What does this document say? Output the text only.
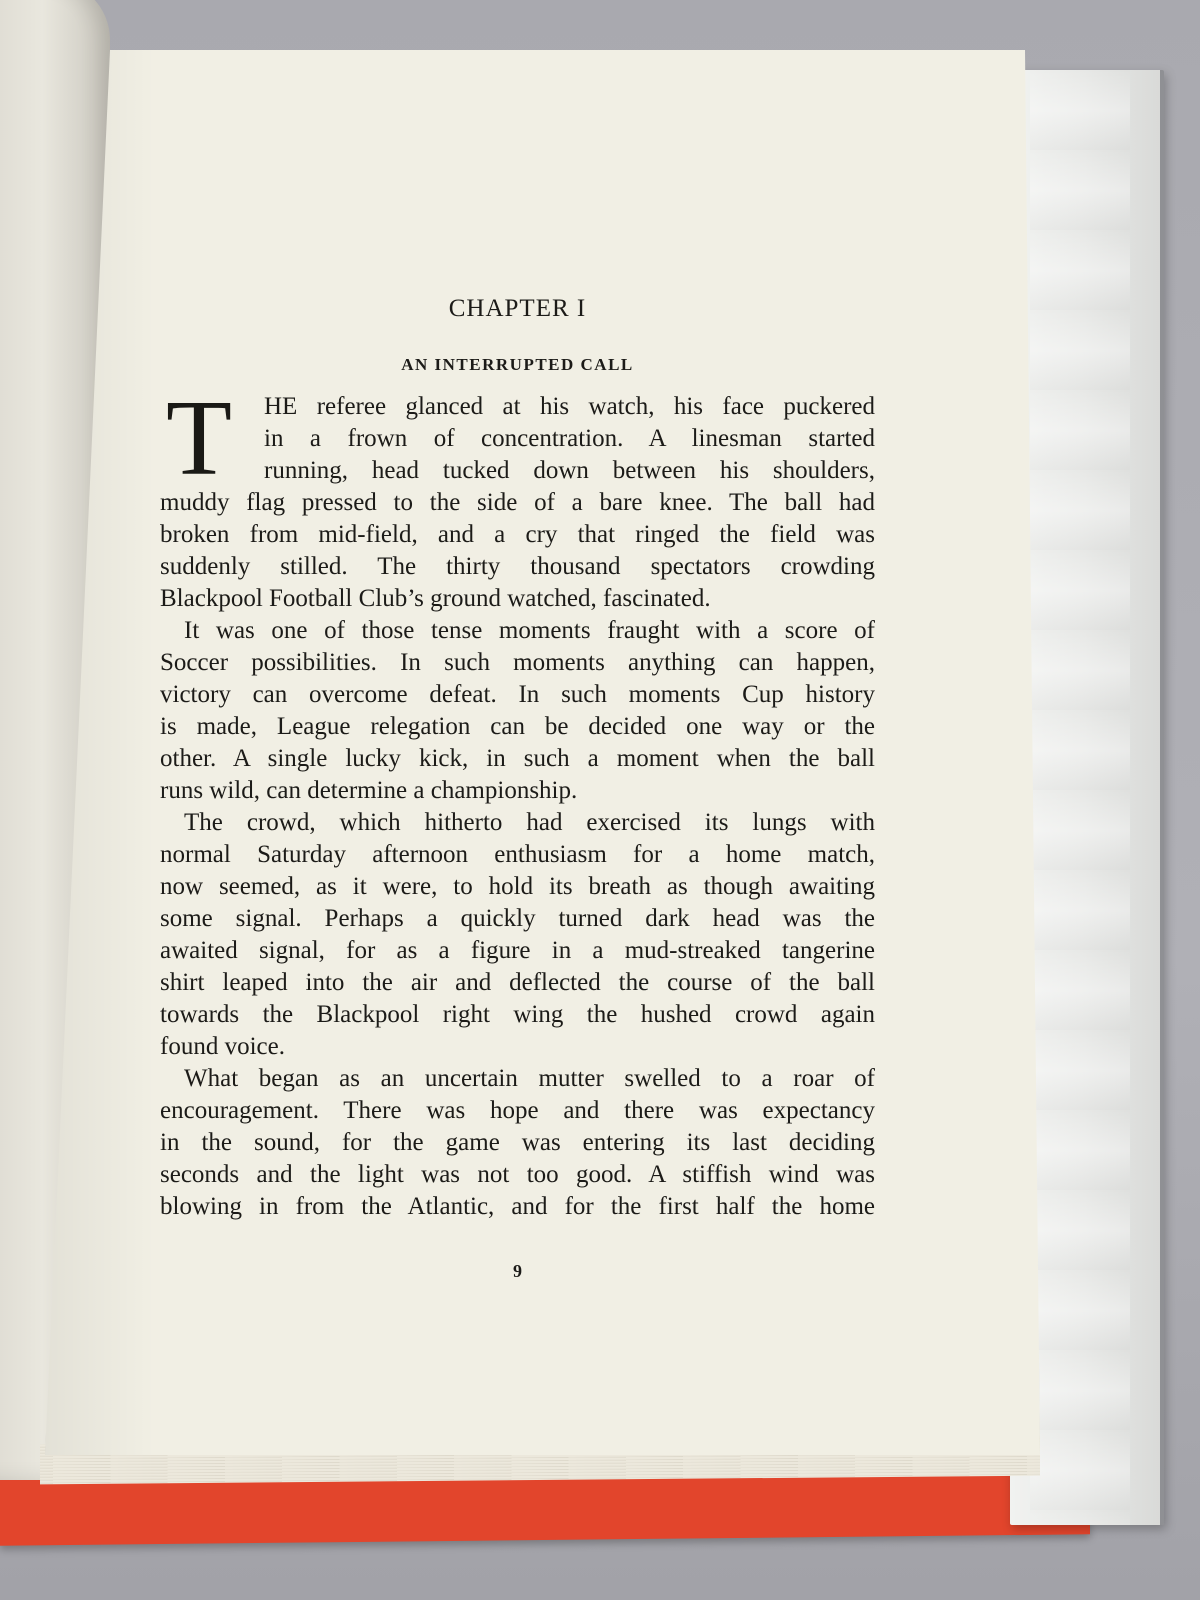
CHAPTER I
AN INTERRUPTED CALL
T	HE referee glanced at his watch, his face puckered
in a frown of concentration. A linesman started
running, head tucked down between his shoulders,
muddy flag pressed to the side of a bare knee. The ball had
broken from mid-field, and a cry that ringed the field was
suddenly stilled. The thirty thousand spectators crowding
Blackpool Football Club’s ground watched, fascinated.
It was one of those tense moments fraught with a score of
Soccer possibilities. In such moments anything can happen,
victory can overcome defeat. In such moments Cup history
is made, League relegation can be decided one way or the
other. A single lucky kick, in such a moment when the ball
runs wild, can determine a championship.
The crowd, which hitherto had exercised its lungs with
normal Saturday afternoon enthusiasm for a home match,
now seemed, as it were, to hold its breath as though awaiting
some signal. Perhaps a quickly turned dark head was the
awaited signal, for as a figure in a mud-streaked tangerine
shirt leaped into the air and deflected the course of the ball
towards the Blackpool right wing the hushed crowd again
found voice.
What began as an uncertain mutter swelled to a roar of
encouragement. There was hope and there was expectancy
in the sound, for the game was entering its last deciding
seconds and the light was not too good. A stiffish wind was
blowing in from the Atlantic, and for the first half the home
9
